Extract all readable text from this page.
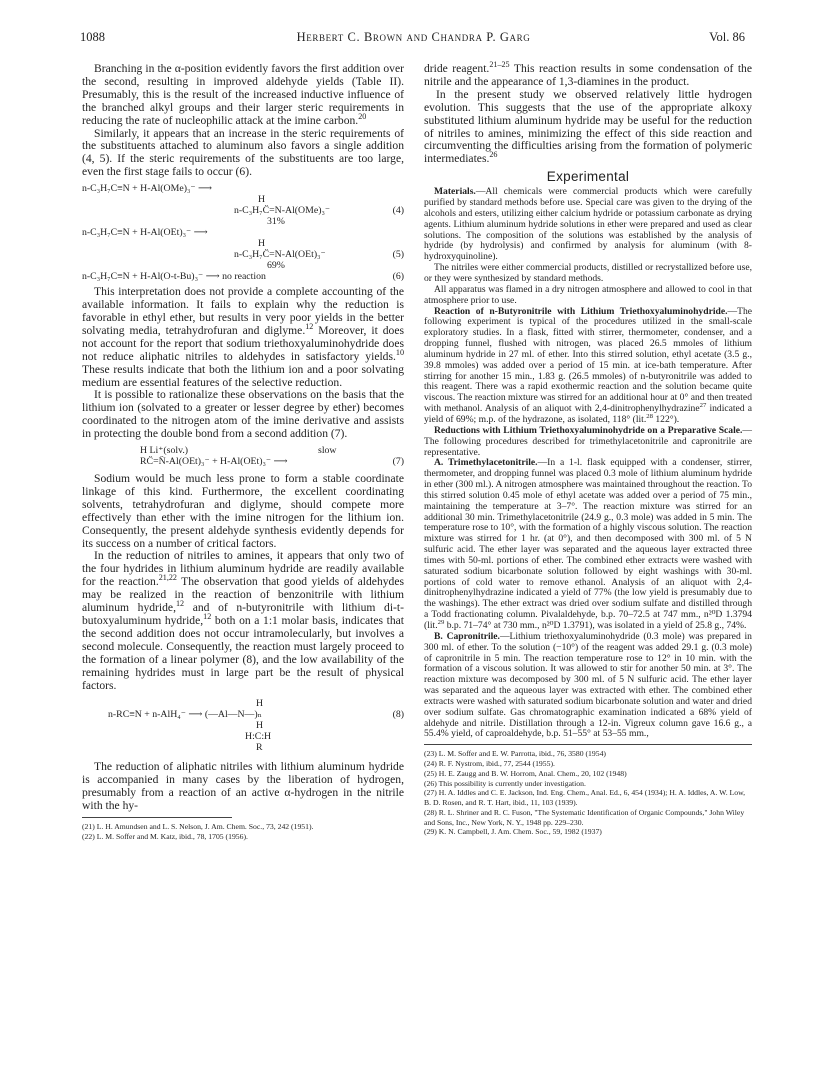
1088	Herbert C. Brown and Chandra P. Garg	Vol. 86

Branching in the α-position evidently favors the first addition over the second, resulting in improved aldehyde yields (Table II). Presumably, this is the result of the increased inductive influence of the branched alkyl groups and their larger steric requirements in reducing the rate of nucleophilic attack at the imine carbon.$^{20}$

Similarly, it appears that an increase in the steric requirements of the substituents attached to aluminum also favors a single addition (4, 5). If the steric requirements of the substituents are too large, even the first stage fails to occur (6).

n-C₃H₇C≡N + H-Al(OMe)₃⁻ ⟶
H
n-C₃H₇C̈=N-Al(OMe)₃⁻	(4)
31%
n-C₃H₇C≡N + H-Al(OEt)₃⁻ ⟶
H
n-C₃H₇C̈=N-Al(OEt)₃⁻	(5)
69%
n-C₃H₇C≡N + H-Al(O-t-Bu)₃⁻ ⟶ no reaction	(6)

This interpretation does not provide a complete accounting of the available information. It fails to explain why the reduction is favorable in ethyl ether, but results in very poor yields in the better solvating media, tetrahydrofuran and diglyme.$^{12}$ Moreover, it does not account for the report that sodium triethoxyaluminohydride does not reduce aliphatic nitriles to aldehydes in satisfactory yields.$^{10}$ These results indicate that both the lithium ion and a poor solvating medium are essential features of the selective reduction.

It is possible to rationalize these observations on the basis that the lithium ion (solvated to a greater or lesser degree by ether) becomes coordinated to the nitrogen atom of the imine derivative and assists in protecting the double bond from a second addition (7).

H Li⁺(solv.)	slow
RC̈=N̈-Al(OEt)₃⁻ + H-Al(OEt)₃⁻ ⟶	(7)

Sodium would be much less prone to form a stable coordinate linkage of this kind. Furthermore, the excellent coordinating solvents, tetrahydrofuran and diglyme, should compete more effectively than ether with the imine nitrogen for the lithium ion. Consequently, the present aldehyde synthesis evidently depends for its success on a number of critical factors.

In the reduction of nitriles to amines, it appears that only two of the four hydrides in lithium aluminum hydride are readily available for the reaction.$^{21,22}$ The observation that good yields of aldehydes may be realized in the reaction of benzonitrile with lithium aluminum hydride,$^{12}$ and of n-butyronitrile with lithium di-t-butoxyaluminum hydride,$^{12}$ both on a 1:1 molar basis, indicates that the second addition does not occur intramolecularly, but involves a second molecule. Consequently, the reaction must largely proceed to the formation of a linear polymer (8), and the low availability of the remaining hydrides must in large part be the result of physical factors.

H
n-RC≡N + n-AlH₄⁻ ⟶ (—Al—N—)ₙ	(8)
H
H:C:H
R

The reduction of aliphatic nitriles with lithium aluminum hydride is accompanied in many cases by the liberation of hydrogen, presumably from a reaction of an active α-hydrogen in the nitrile with the hy-

(21) L. H. Amundsen and L. S. Nelson, J. Am. Chem. Soc., 73, 242 (1951).

(22) L. M. Soffer and M. Katz, ibid., 78, 1705 (1956).

dride reagent.$^{21-25}$ This reaction results in some condensation of the nitrile and the appearance of 1,3-diamines in the product.

In the present study we observed relatively little hydrogen evolution. This suggests that the use of the appropriate alkoxy substituted lithium aluminum hydride may be useful for the reduction of nitriles to amines, minimizing the effect of this side reaction and circumventing the difficulties arising from the formation of polymeric intermediates.$^{26}$

Experimental

Materials.—All chemicals were commercial products which were carefully purified by standard methods before use. Special care was given to the drying of the alcohols and esters, utilizing either calcium hydride or potassium carbonate as drying agents. Lithium aluminum hydride solutions in ether were prepared and used as clear solutions. The composition of the solutions was established by the analysis of hydride (by hydrolysis) and confirmed by analysis for aluminum (with 8-hydroxyquinoline).

The nitriles were either commercial products, distilled or recrystallized before use, or they were synthesized by standard methods.

All apparatus was flamed in a dry nitrogen atmosphere and allowed to cool in that atmosphere prior to use.

Reaction of n-Butyronitrile with Lithium Triethoxyaluminohydride.—The following experiment is typical of the procedures utilized in the small-scale exploratory studies. In a flask, fitted with stirrer, thermometer, condenser, and a dropping funnel, flushed with nitrogen, was placed 26.5 mmoles of lithium aluminum hydride in 27 ml. of ether. Into this stirred solution, ethyl acetate (3.5 g., 39.8 mmoles) was added over a period of 15 min. at ice-bath temperature. After stirring for another 15 min., 1.83 g. (26.5 mmoles) of n-butyronitrile was added to this reagent. There was a rapid exothermic reaction and the solution became quite viscous. The reaction mixture was stirred for an additional hour at 0° and then treated with methanol. Analysis of an aliquot with 2,4-dinitrophenylhydrazine$^{27}$ indicated a yield of 69%; m.p. of the hydrazone, as isolated, 118° (lit.$^{28}$ 122°).

Reductions with Lithium Triethoxyaluminohydride on a Preparative Scale.—The following procedures described for trimethylacetonitrile and capronitrile are representative.

A. Trimethylacetonitrile.—In a 1-l. flask equipped with a condenser, stirrer, thermometer, and dropping funnel was placed 0.3 mole of lithium aluminum hydride in ether (300 ml.). A nitrogen atmosphere was maintained throughout the reaction. To this stirred solution 0.45 mole of ethyl acetate was added over a period of 75 min., maintaining the temperature at 3–7°. The reaction mixture was stirred for an additional 30 min. Trimethylacetonitrile (24.9 g., 0.3 mole) was added in 5 min. The temperature rose to 10°, with the formation of a highly viscous solution. The reaction mixture was stirred for 1 hr. (at 0°), and then decomposed with 300 ml. of 5 N sulfuric acid. The ether layer was separated and the aqueous layer extracted three times with 50-ml. portions of ether. The combined ether extracts were washed with saturated sodium bicarbonate solution followed by eight washings with 30-ml. portions of cold water to remove ethanol. Analysis of an aliquot with 2,4-dinitrophenylhydrazine indicated a yield of 77% (the low yield is presumably due to the washings). The ether extract was dried over sodium sulfate and distilled through a Todd fractionating column. Pivalaldehyde, b.p. 70–72.5 at 747 mm., n²⁰D 1.3794 (lit.$^{29}$ b.p. 71–74° at 730 mm., n²⁰D 1.3791), was isolated in a yield of 25.8 g., 74%.

B. Capronitrile.—Lithium triethoxyaluminohydride (0.3 mole) was prepared in 300 ml. of ether. To the solution (−10°) of the reagent was added 29.1 g. (0.3 mole) of capronitrile in 5 min. The reaction temperature rose to 12° in 10 min. with the formation of a viscous solution. It was allowed to stir for another 50 min. at 3°. The reaction mixture was decomposed by 300 ml. of 5 N sulfuric acid. The ether layer was separated and the aqueous layer was extracted with ether. The combined ether extracts were washed with saturated sodium bicarbonate solution and water and dried over sodium sulfate. Gas chromatographic examination indicated a 68% yield of aldehyde and nitrile. Distillation through a 12-in. Vigreux column gave 16.6 g., a 55.4% yield, of caproaldehyde, b.p. 51–55° at 53–55 mm.,

(23) L. M. Soffer and E. W. Parrotta, ibid., 76, 3580 (1954)

(24) R. F. Nystrom, ibid., 77, 2544 (1955).

(25) H. E. Zaugg and B. W. Horrom, Anal. Chem., 20, 102 (1948)

(26) This possibility is currently under investigation.

(27) H. A. Iddles and C. E. Jackson, Ind. Eng. Chem., Anal. Ed., 6, 454 (1934); H. A. Iddles, A. W. Low, B. D. Rosen, and R. T. Hart, ibid., 11, 103 (1939).

(28) R. L. Shriner and R. C. Fuson, "The Systematic Identification of Organic Compounds," John Wiley and Sons, Inc., New York, N. Y., 1948 pp. 229–230.

(29) K. N. Campbell, J. Am. Chem. Soc., 59, 1982 (1937)
